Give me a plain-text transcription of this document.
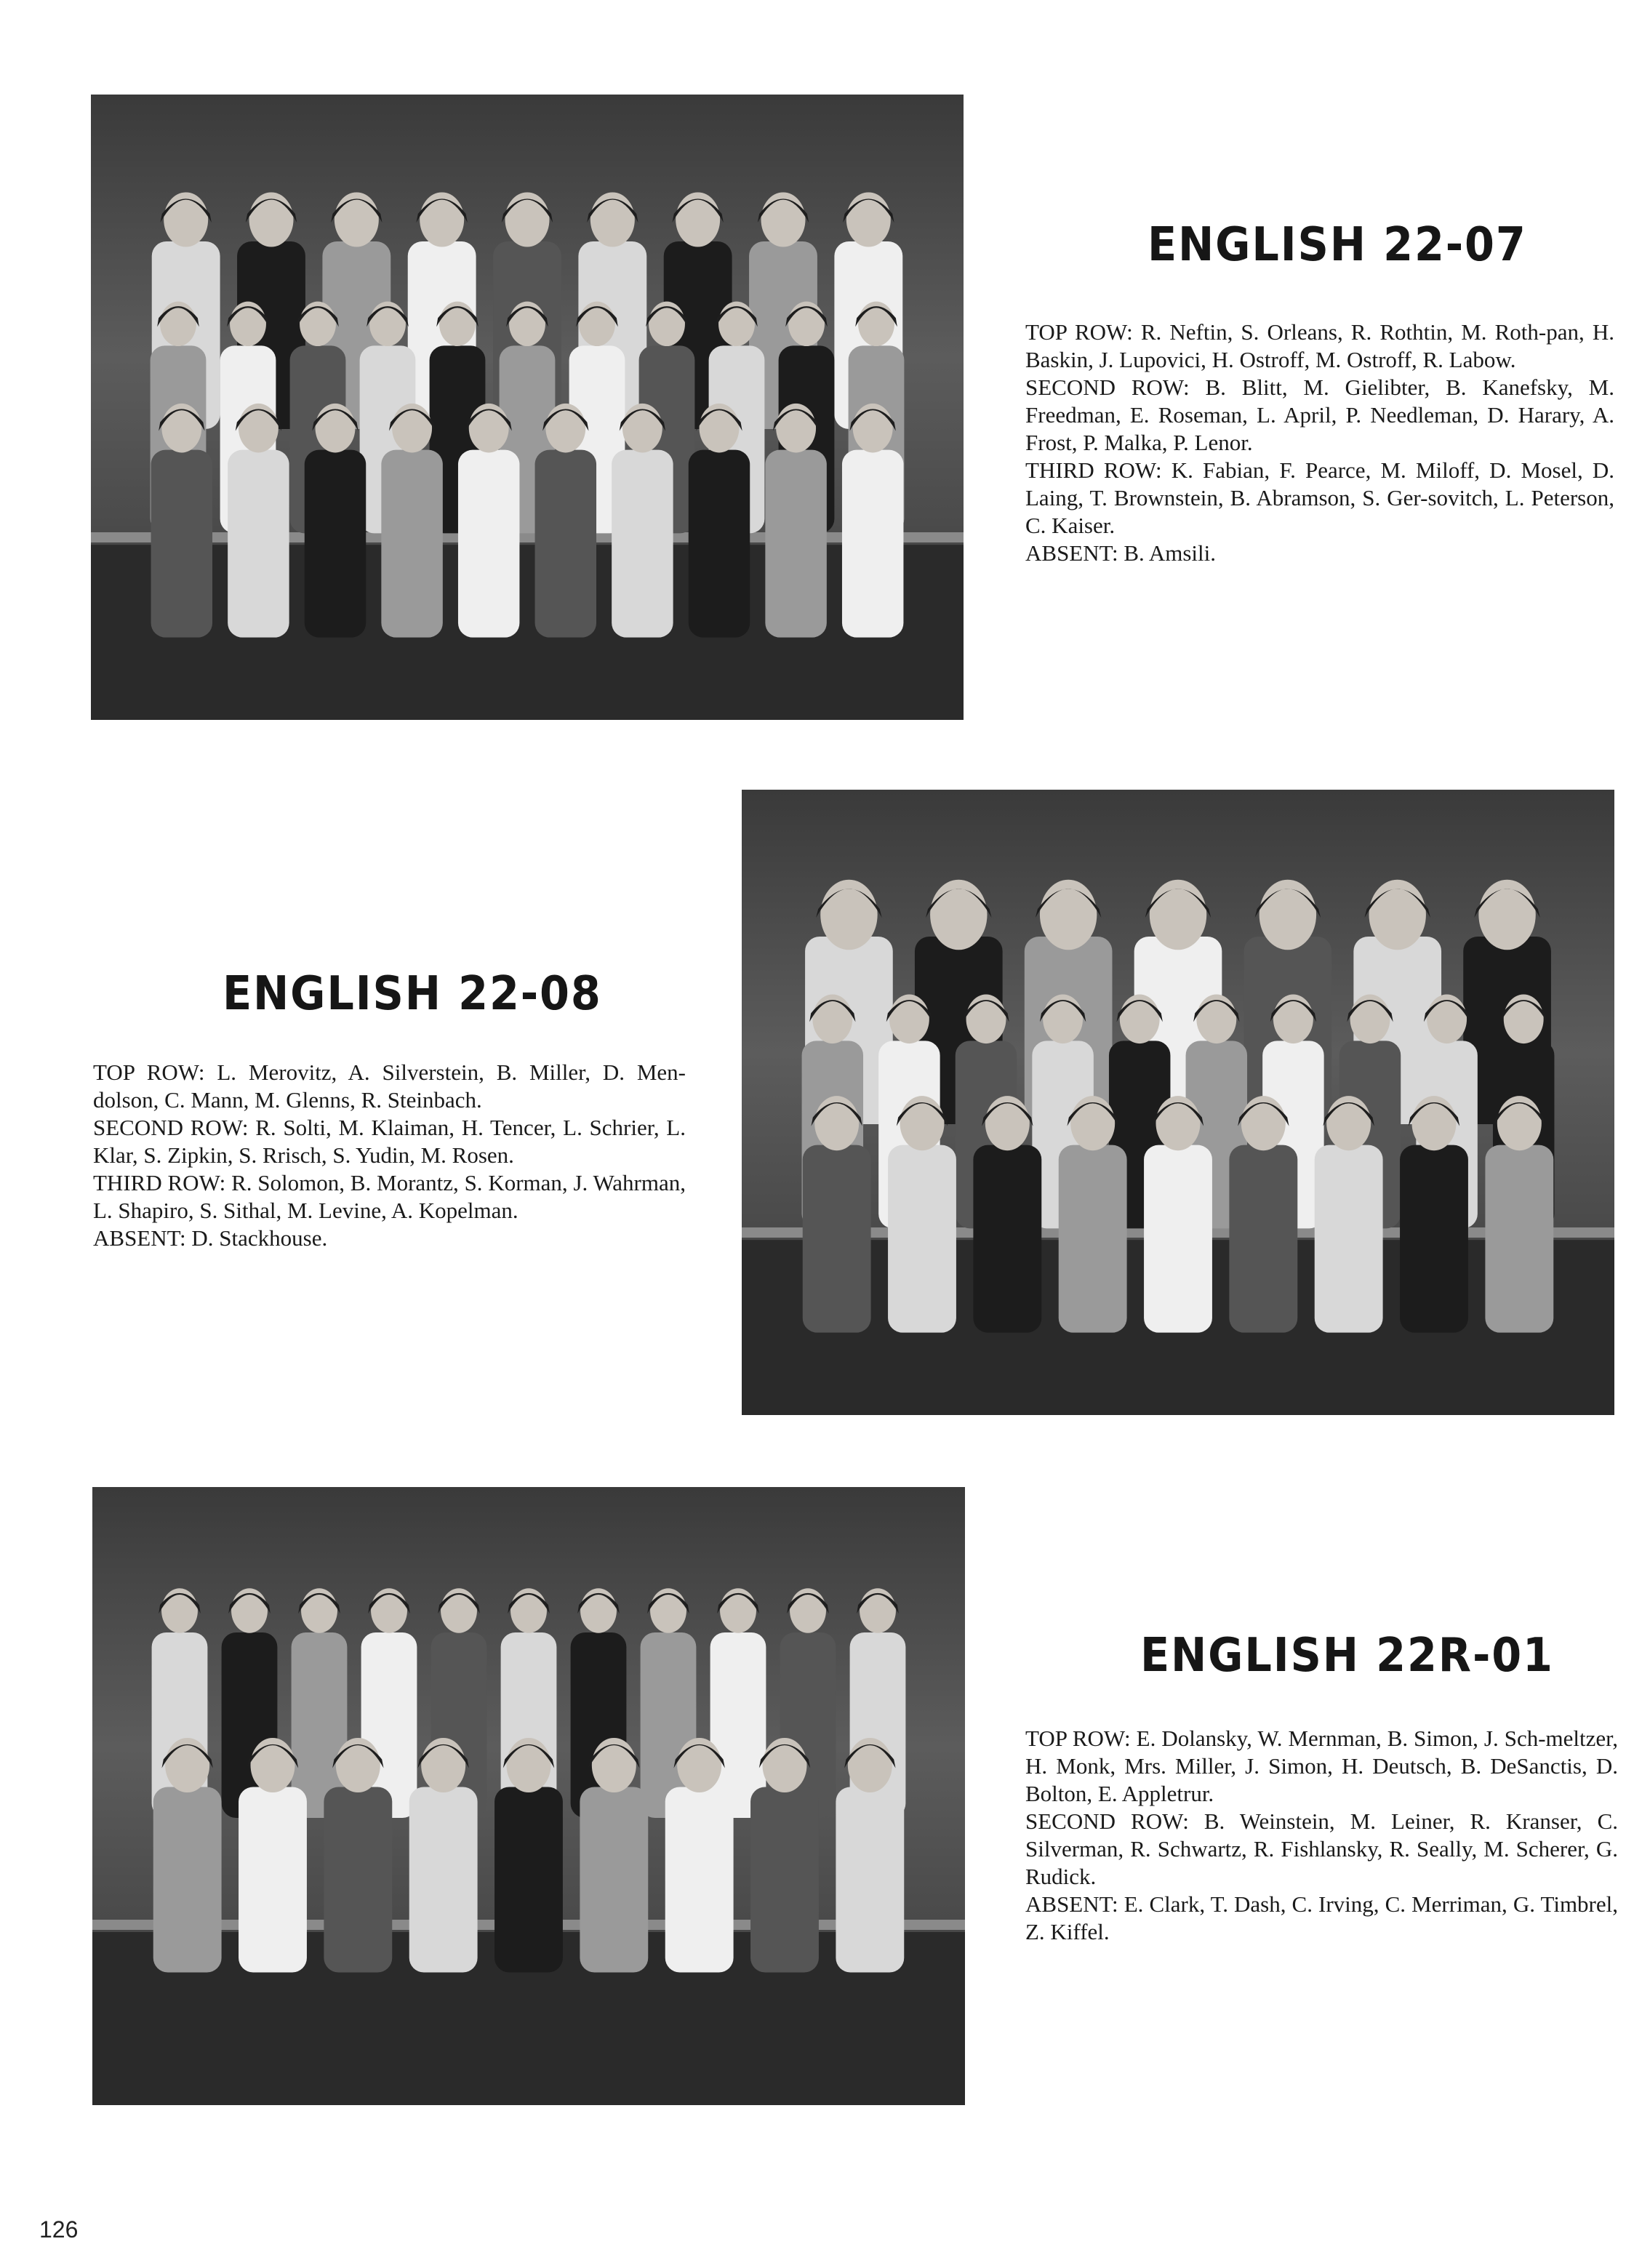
ENGLISH 22-07

TOP ROW: R. Neftin, S. Orleans, R. Rothtin, M. Roth-pan, H. Baskin, J. Lupovici, H. Ostroff, M. Ostroff, R. Labow.

SECOND ROW: B. Blitt, M. Gielibter, B. Kanefsky, M. Freedman, E. Roseman, L. April, P. Needleman, D. Harary, A. Frost, P. Malka, P. Lenor.

THIRD ROW: K. Fabian, F. Pearce, M. Miloff, D. Mosel, D. Laing, T. Brownstein, B. Abramson, S. Ger-sovitch, L. Peterson, C. Kaiser.

ABSENT: B. Amsili.

ENGLISH 22-08

TOP ROW: L. Merovitz, A. Silverstein, B. Miller, D. Men-dolson, C. Mann, M. Glenns, R. Steinbach.

SECOND ROW: R. Solti, M. Klaiman, H. Tencer, L. Schrier, L. Klar, S. Zipkin, S. Rrisch, S. Yudin, M. Rosen.

THIRD ROW: R. Solomon, B. Morantz, S. Korman, J. Wahrman, L. Shapiro, S. Sithal, M. Levine, A. Kopelman.

ABSENT: D. Stackhouse.

ENGLISH 22R-01

TOP ROW: E. Dolansky, W. Mernman, B. Simon, J. Sch-meltzer, H. Monk, Mrs. Miller, J. Simon, H. Deutsch, B. DeSanctis, D. Bolton, E. Appletrur.

SECOND ROW: B. Weinstein, M. Leiner, R. Kranser, C. Silverman, R. Schwartz, R. Fishlansky, R. Seally, M. Scherer, G. Rudick.

ABSENT: E. Clark, T. Dash, C. Irving, C. Merriman, G. Timbrel, Z. Kiffel.

126
